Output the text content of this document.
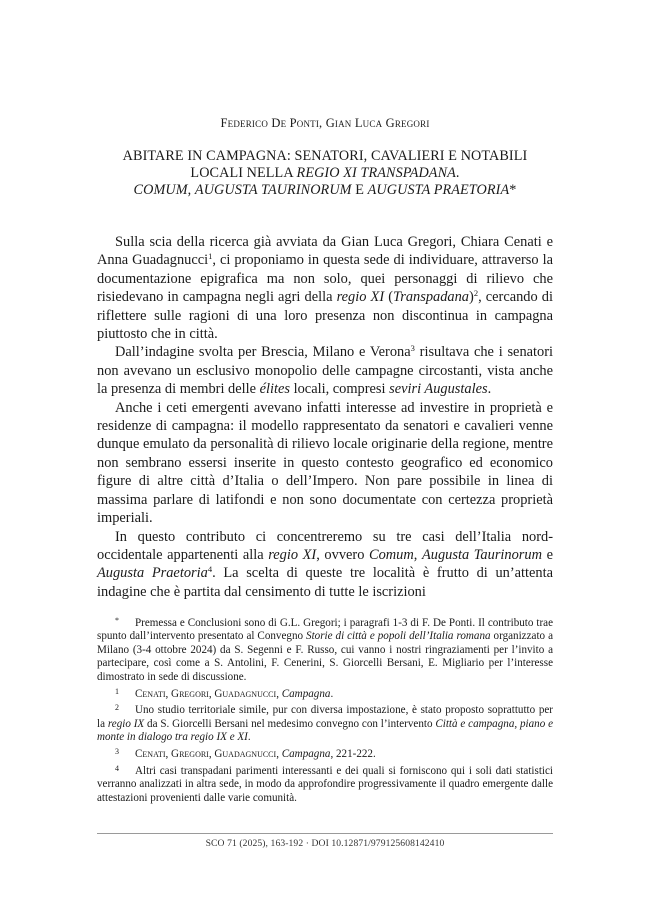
Federico De Ponti, Gian Luca Gregori
ABITARE IN CAMPAGNA: SENATORI, CAVALIERI E NOTABILI
LOCALI NELLA REGIO XI TRANSPADANA.
COMUM, AUGUSTA TAURINORUM E AUGUSTA PRAETORIA*

Sulla scia della ricerca già avviata da Gian Luca Gregori, Chiara Cenati e Anna Guadagnucci$^1$, ci proponiamo in questa sede di individuare, attraverso la documentazione epigrafica ma non solo, quei personaggi di rilievo che risiedevano in campagna negli agri della regio XI (Transpadana)$^2$, cercando di riflettere sulle ragioni di una loro presenza non discontinua in campagna piuttosto che in città.

Dall’indagine svolta per Brescia, Milano e Verona$^3$ risultava che i senatori non avevano un esclusivo monopolio delle campagne circostanti, vista anche la presenza di membri delle élites locali, compresi seviri Augustales.

Anche i ceti emergenti avevano infatti interesse ad investire in proprietà e residenze di campagna: il modello rappresentato da senatori e cavalieri venne dunque emulato da personalità di rilievo locale originarie della regione, mentre non sembrano essersi inserite in questo contesto geografico ed economico figure di altre città d’Italia o dell’Impero. Non pare possibile in linea di massima parlare di latifondi e non sono documentate con certezza proprietà imperiali.

In questo contributo ci concentreremo su tre casi dell’Italia nord-occidentale appartenenti alla regio XI, ovvero Comum, Augusta Taurinorum e Augusta Praetoria$^4$. La scelta di queste tre località è frutto di un’attenta indagine che è partita dal censimento di tutte le iscrizioni

* Premessa e Conclusioni sono di G.L. Gregori; i paragrafi 1-3 di F. De Ponti. Il contributo trae spunto dall’intervento presentato al Convegno Storie di città e popoli dell’Italia romana organizzato a Milano (3-4 ottobre 2024) da S. Segenni e F. Russo, cui vanno i nostri ringraziamenti per l’invito a partecipare, così come a S. Antolini, F. Cenerini, S. Giorcelli Bersani, E. Migliario per l’interesse dimostrato in sede di discussione.

1 Cenati, Gregori, Guadagnucci, Campagna.

2 Uno studio territoriale simile, pur con diversa impostazione, è stato proposto soprattutto per la regio IX da S. Giorcelli Bersani nel medesimo convegno con l’intervento Città e campagna, piano e monte in dialogo tra regio IX e XI.

3 Cenati, Gregori, Guadagnucci, Campagna, 221-222.

4 Altri casi transpadani parimenti interessanti e dei quali si forniscono qui i soli dati statistici verranno analizzati in altra sede, in modo da approfondire progressivamente il quadro emergente dalle attestazioni provenienti dalle varie comunità.

SCO 71 (2025), 163-192 · DOI 10.12871/979125608142410
